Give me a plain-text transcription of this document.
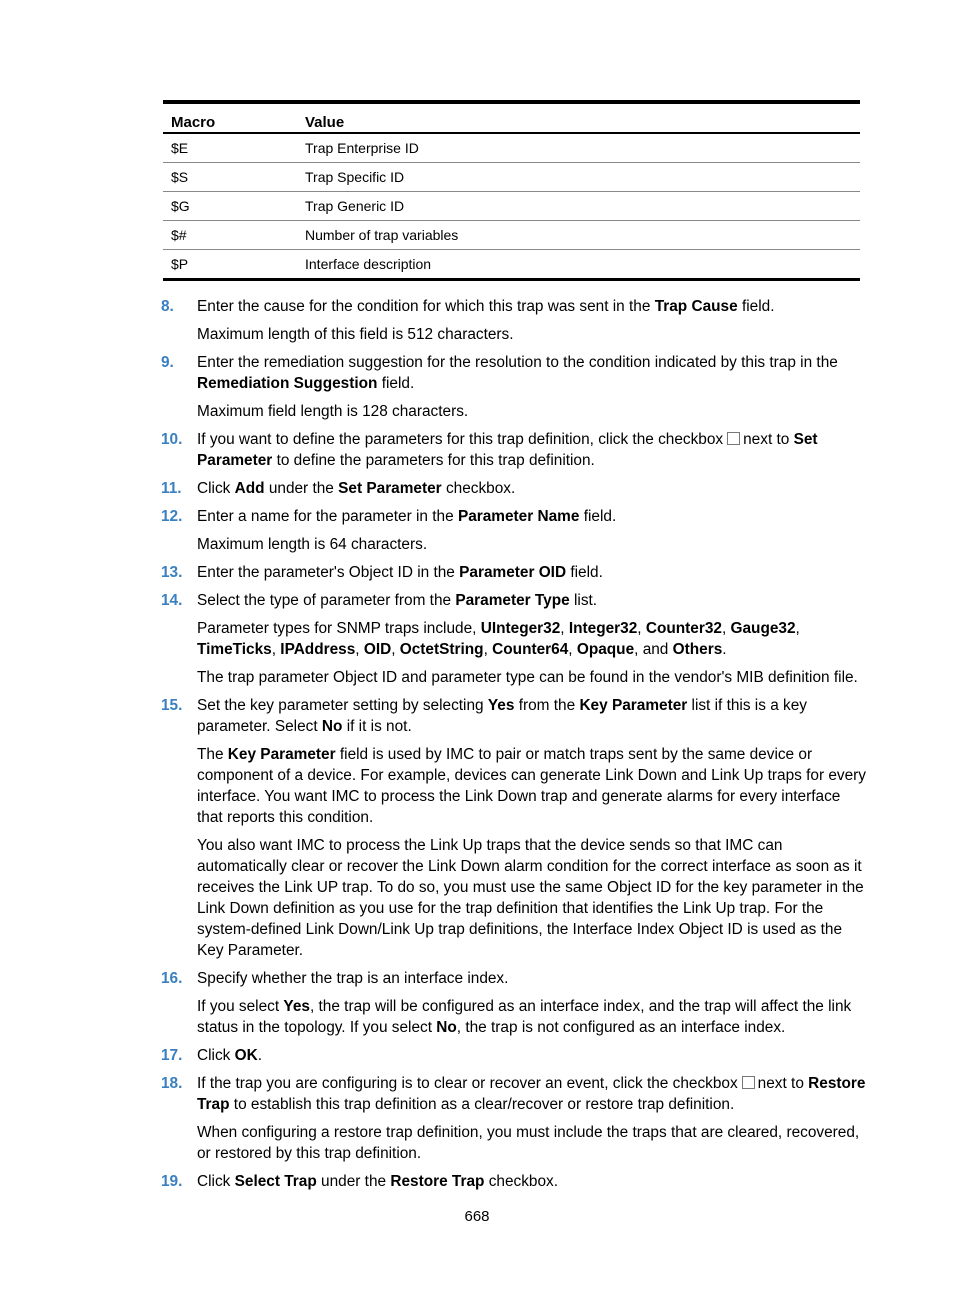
Macro	Value
$E	Trap Enterprise ID
$S	Trap Specific ID
$G	Trap Generic ID
$#	Number of trap variables
$P	Interface description
8.	Enter the cause for the condition for which this trap was sent in the Trap Cause field.

Maximum length of this field is 512 characters.

9.	Enter the remediation suggestion for the resolution to the condition indicated by this trap in the Remediation Suggestion field.

Maximum field length is 128 characters.

10. If you want to define the parameters for this trap definition, click the checkbox next to Set Parameter to define the parameters for this trap definition.

11.	Click Add under the Set Parameter checkbox.

12. Enter a name for the parameter in the Parameter Name field.

Maximum length is 64 characters.

13. Enter the parameter's Object ID in the Parameter OID field.

14. Select the type of parameter from the Parameter Type list.

Parameter types for SNMP traps include, UInteger32, Integer32, Counter32, Gauge32, TimeTicks, IPAddress, OID, OctetString, Counter64, Opaque, and Others.

The trap parameter Object ID and parameter type can be found in the vendor's MIB definition file.

15. Set the key parameter setting by selecting Yes from the Key Parameter list if this is a key parameter. Select No if it is not.

The Key Parameter field is used by IMC to pair or match traps sent by the same device or component of a device. For example, devices can generate Link Down and Link Up traps for every interface. You want IMC to process the Link Down trap and generate alarms for every interface that reports this condition.

You also want IMC to process the Link Up traps that the device sends so that IMC can automatically clear or recover the Link Down alarm condition for the correct interface as soon as it receives the Link UP trap. To do so, you must use the same Object ID for the key parameter in the Link Down definition as you use for the trap definition that identifies the Link Up trap. For the system-defined Link Down/Link Up trap definitions, the Interface Index Object ID is used as the Key Parameter.

16. Specify whether the trap is an interface index.

If you select Yes, the trap will be configured as an interface index, and the trap will affect the link status in the topology. If you select No, the trap is not configured as an interface index.

17. Click OK.

18. If the trap you are configuring is to clear or recover an event, click the checkbox next to Restore Trap to establish this trap definition as a clear/recover or restore trap definition.

When configuring a restore trap definition, you must include the traps that are cleared, recovered, or restored by this trap definition.

19. Click Select Trap under the Restore Trap checkbox.

668
